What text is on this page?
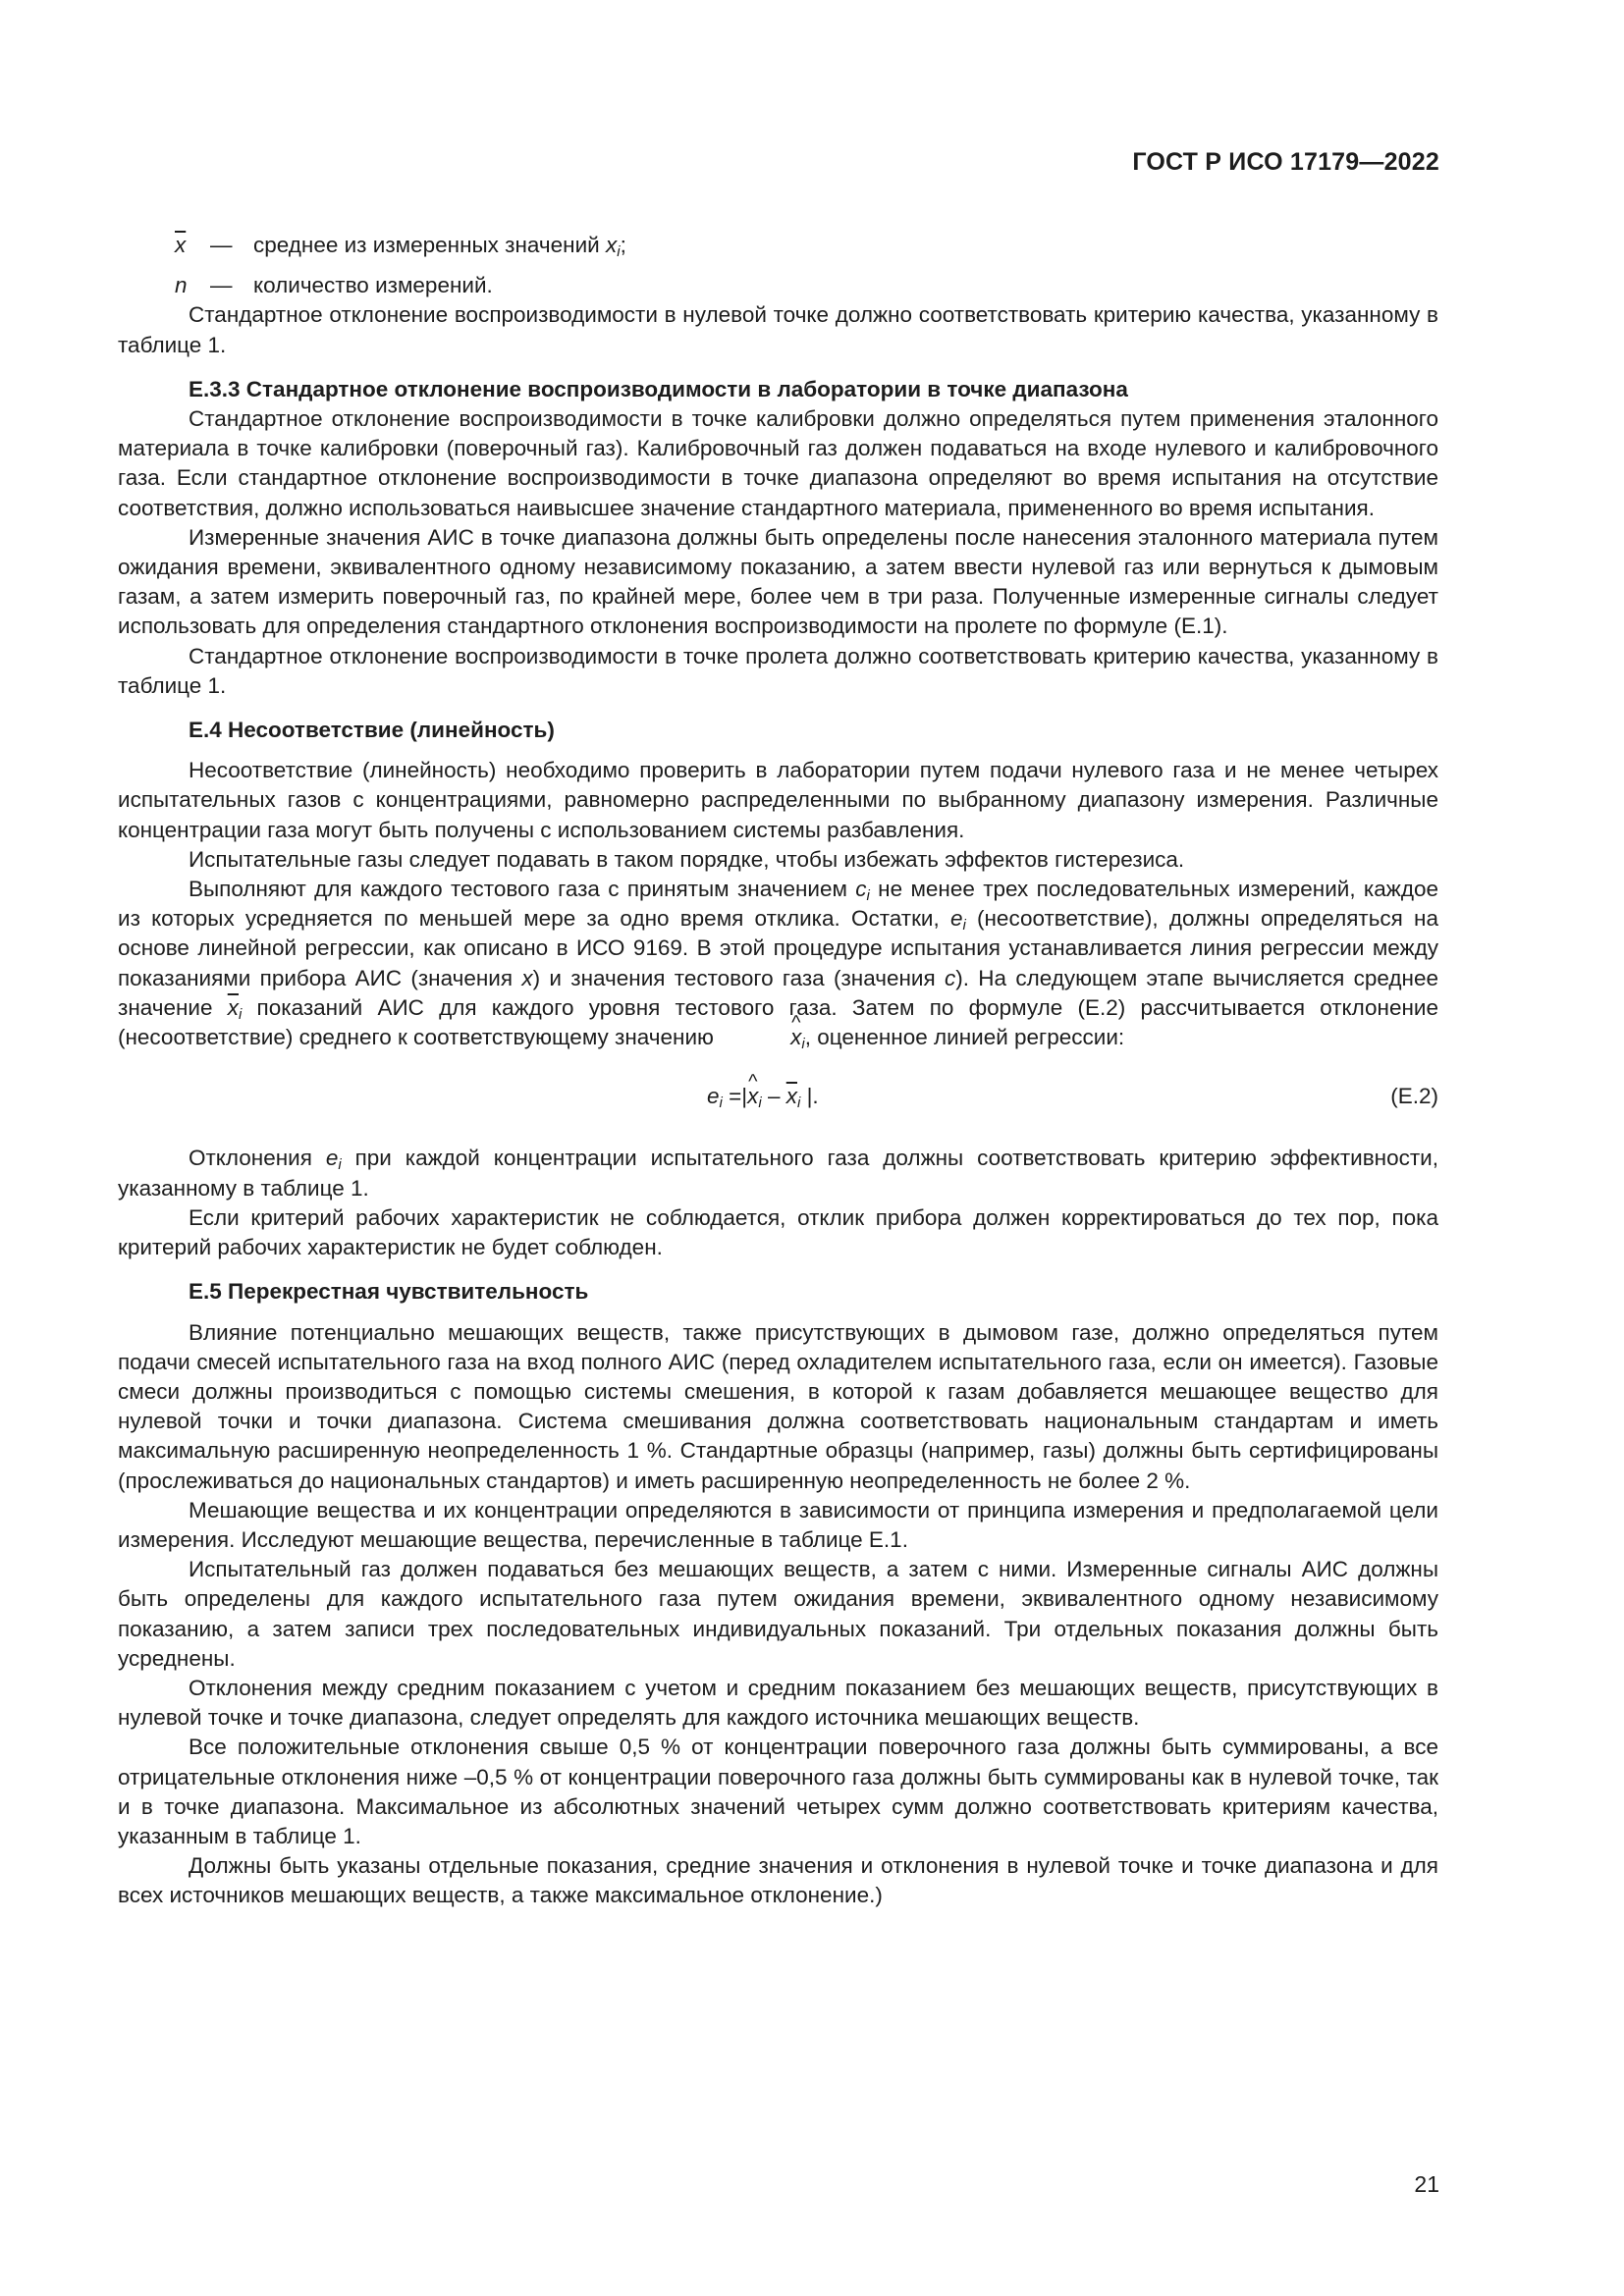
ГОСТ Р ИСО 17179—2022
$\overline{x}$	— среднее из измеренных значений $x_i$;
n	— количество измерений.

Стандартное отклонение воспроизводимости в нулевой точке должно соответствовать критерию качества, указанному в таблице 1.

Е.3.3 Стандартное отклонение воспроизводимости в лаборатории в точке диапазона

Стандартное отклонение воспроизводимости в точке калибровки должно определяться путем применения эталонного материала в точке калибровки (поверочный газ). Калибровочный газ должен подаваться на входе нулевого и калибровочного газа. Если стандартное отклонение воспроизводимости в точке диапазона определяют во время испытания на отсутствие соответствия, должно использоваться наивысшее значение стандартного материала, примененного во время испытания.

Измеренные значения АИС в точке диапазона должны быть определены после нанесения эталонного материала путем ожидания времени, эквивалентного одному независимому показанию, а затем ввести нулевой газ или вернуться к дымовым газам, а затем измерить поверочный газ, по крайней мере, более чем в три раза. Полученные измеренные сигналы следует использовать для определения стандартного отклонения воспроизводимости на пролете по формуле (Е.1).

Стандартное отклонение воспроизводимости в точке пролета должно соответствовать критерию качества, указанному в таблице 1.

Е.4 Несоответствие (линейность)

Несоответствие (линейность) необходимо проверить в лаборатории путем подачи нулевого газа и не менее четырех испытательных газов с концентрациями, равномерно распределенными по выбранному диапазону измерения. Различные концентрации газа могут быть получены с использованием системы разбавления.

Испытательные газы следует подавать в таком порядке, чтобы избежать эффектов гистерезиса.

Выполняют для каждого тестового газа с принятым значением $c_i$ не менее трех последовательных измерений, каждое из которых усредняется по меньшей мере за одно время отклика. Остатки, $e_i$ (несоответствие), должны определяться на основе линейной регрессии, как описано в ИСО 9169. В этой процедуре испытания устанавливается линия регрессии между показаниями прибора АИС (значения x) и значения тестового газа (значения c). На следующем этапе вычисляется среднее значение $\overline{x}_i$ показаний АИС для каждого уровня тестового газа. Затем по формуле (Е.2) рассчитывается отклонение (несоответствие) среднего к соответствующему значению	^ $x_i$, оцененное линией регрессии:

$e_i$ =|^ $x_i - \overline{x}_i$ |.	(Е.2)

Отклонения $e_i$ при каждой концентрации испытательного газа должны соответствовать критерию эффективности, указанному в таблице 1.

Если критерий рабочих характеристик не соблюдается, отклик прибора должен корректироваться до тех пор, пока критерий рабочих характеристик не будет соблюден.

Е.5 Перекрестная чувствительность

Влияние потенциально мешающих веществ, также присутствующих в дымовом газе, должно определяться путем подачи смесей испытательного газа на вход полного АИС (перед охладителем испытательного газа, если он имеется). Газовые смеси должны производиться с помощью системы смешения, в которой к газам добавляется мешающее вещество для нулевой точки и точки диапазона. Система смешивания должна соответствовать национальным стандартам и иметь максимальную расширенную неопределенность 1 %. Стандартные образцы (например, газы) должны быть сертифицированы (прослеживаться до национальных стандартов) и иметь расширенную неопределенность не более 2 %.

Мешающие вещества и их концентрации определяются в зависимости от принципа измерения и предполагаемой цели измерения. Исследуют мешающие вещества, перечисленные в таблице Е.1.

Испытательный газ должен подаваться без мешающих веществ, а затем с ними. Измеренные сигналы АИС должны быть определены для каждого испытательного газа путем ожидания времени, эквивалентного одному независимому показанию, а затем записи трех последовательных индивидуальных показаний. Три отдельных показания должны быть усреднены.

Отклонения между средним показанием с учетом и средним показанием без мешающих веществ, присутствующих в нулевой точке и точке диапазона, следует определять для каждого источника мешающих веществ.

Все положительные отклонения свыше 0,5 % от концентрации поверочного газа должны быть суммированы, а все отрицательные отклонения ниже –0,5 % от концентрации поверочного газа должны быть суммированы как в нулевой точке, так и в точке диапазона. Максимальное из абсолютных значений четырех сумм должно соответствовать критериям качества, указанным в таблице 1.

Должны быть указаны отдельные показания, средние значения и отклонения в нулевой точке и точке диапазона и для всех источников мешающих веществ, а также максимальное отклонение.)

21
